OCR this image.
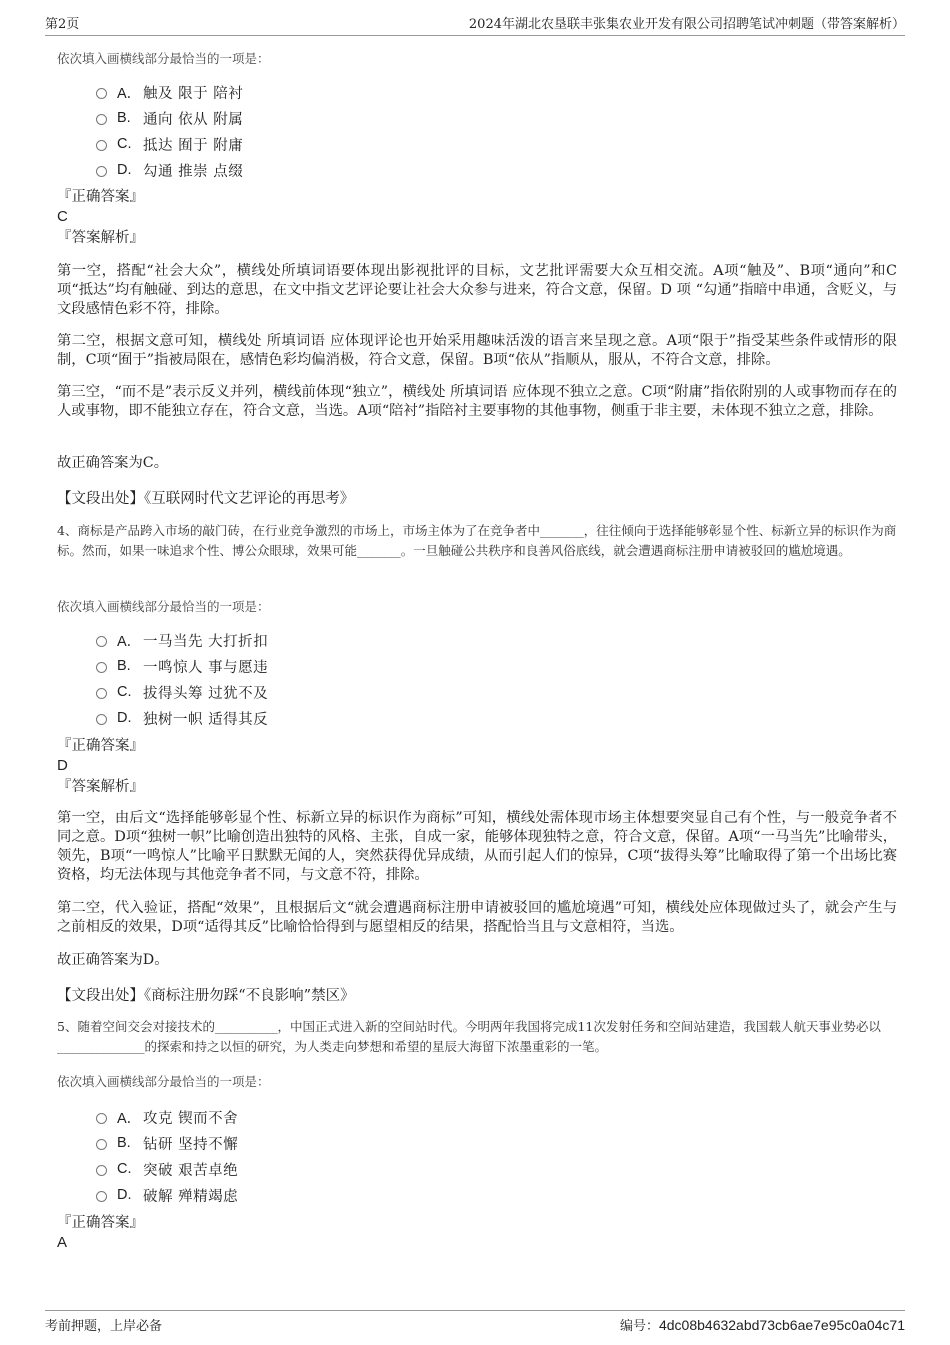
第2页	2024年湖北农垦联丰张集农业开发有限公司招聘笔试冲刺题（带答案解析）
依次填入画横线部分最恰当的一项是：
A． 触及 限于 陪衬
B. 通向 依从 附属
C. 抵达 囿于 附庸
D. 勾通 推崇 点缀
『正确答案』
C
『答案解析』
第一空，搭配“社会大众”，横线处所填词语要体现出影视批评的目标，文艺批评需要大众互相交流。A项“触及”、B项“通向”和C项“抵达”均有触碰、到达的意思，在文中指文艺评论要让社会大众参与进来，符合文意，保留。D 项 “勾通”指暗中串通，含贬义，与文段感情色彩不符，排除。
第二空，根据文意可知，横线处 所填词语 应体现评论也开始采用趣味活泼的语言来呈现之意。A项“限于”指受某些条件或情形的限制，C项“囿于”指被局限在，感情色彩均偏消极，符合文意，保留。B项“依从”指顺从，服从，不符合文意，排除。
第三空，“而不是”表示反义并列，横线前体现“独立”，横线处 所填词语 应体现不独立之意。C项“附庸”指依附别的人或事物而存在的人或事物，即不能独立存在，符合文意，当选。A项“陪衬”指陪衬主要事物的其他事物，侧重于非主要，未体现不独立之意，排除。
故正确答案为C。
【文段出处】《互联网时代文艺评论的再思考》
4、商标是产品跨入市场的敲门砖，在行业竞争激烈的市场上，市场主体为了在竞争者中_______，往往倾向于选择能够彰显个性、标新立异的标识作为商标。然而，如果一味追求个性、博公众眼球，效果可能_______。一旦触碰公共秩序和良善风俗底线，就会遭遇商标注册申请被驳回的尴尬境遇。
依次填入画横线部分最恰当的一项是：
A． 一马当先 大打折扣
B. 一鸣惊人 事与愿违
C. 拔得头筹 过犹不及
D. 独树一帜 适得其反
『正确答案』
D
『答案解析』
第一空，由后文“选择能够彰显个性、标新立异的标识作为商标”可知，横线处需体现市场主体想要突显自己有个性，与一般竞争者不同之意。D项“独树一帜”比喻创造出独特的风格、主张，自成一家，能够体现独特之意，符合文意，保留。A项“一马当先”比喻带头，领先，B项“一鸣惊人”比喻平日默默无闻的人，突然获得优异成绩，从而引起人们的惊异，C项“拔得头筹”比喻取得了第一个出场比赛资格，均无法体现与其他竞争者不同，与文意不符，排除。
第二空，代入验证，搭配“效果”，且根据后文“就会遭遇商标注册申请被驳回的尴尬境遇”可知，横线处应体现做过头了，就会产生与之前相反的效果，D项“适得其反”比喻恰恰得到与愿望相反的结果，搭配恰当且与文意相符，当选。
故正确答案为D。
【文段出处】《商标注册勿踩“不良影响”禁区》
5、随着空间交会对接技术的__________，中国正式进入新的空间站时代。今明两年我国将完成11次发射任务和空间站建造，我国载人航天事业势必以______________的探索和持之以恒的研究，为人类走向梦想和希望的星辰大海留下浓墨重彩的一笔。
依次填入画横线部分最恰当的一项是：
A． 攻克 锲而不舍
B. 钻研 坚持不懈
C. 突破 艰苦卓绝
D. 破解 殚精竭虑
『正确答案』
A
考前押题，上岸必备	编号：4dc08b4632abd73cb6ae7e95c0a04c71
